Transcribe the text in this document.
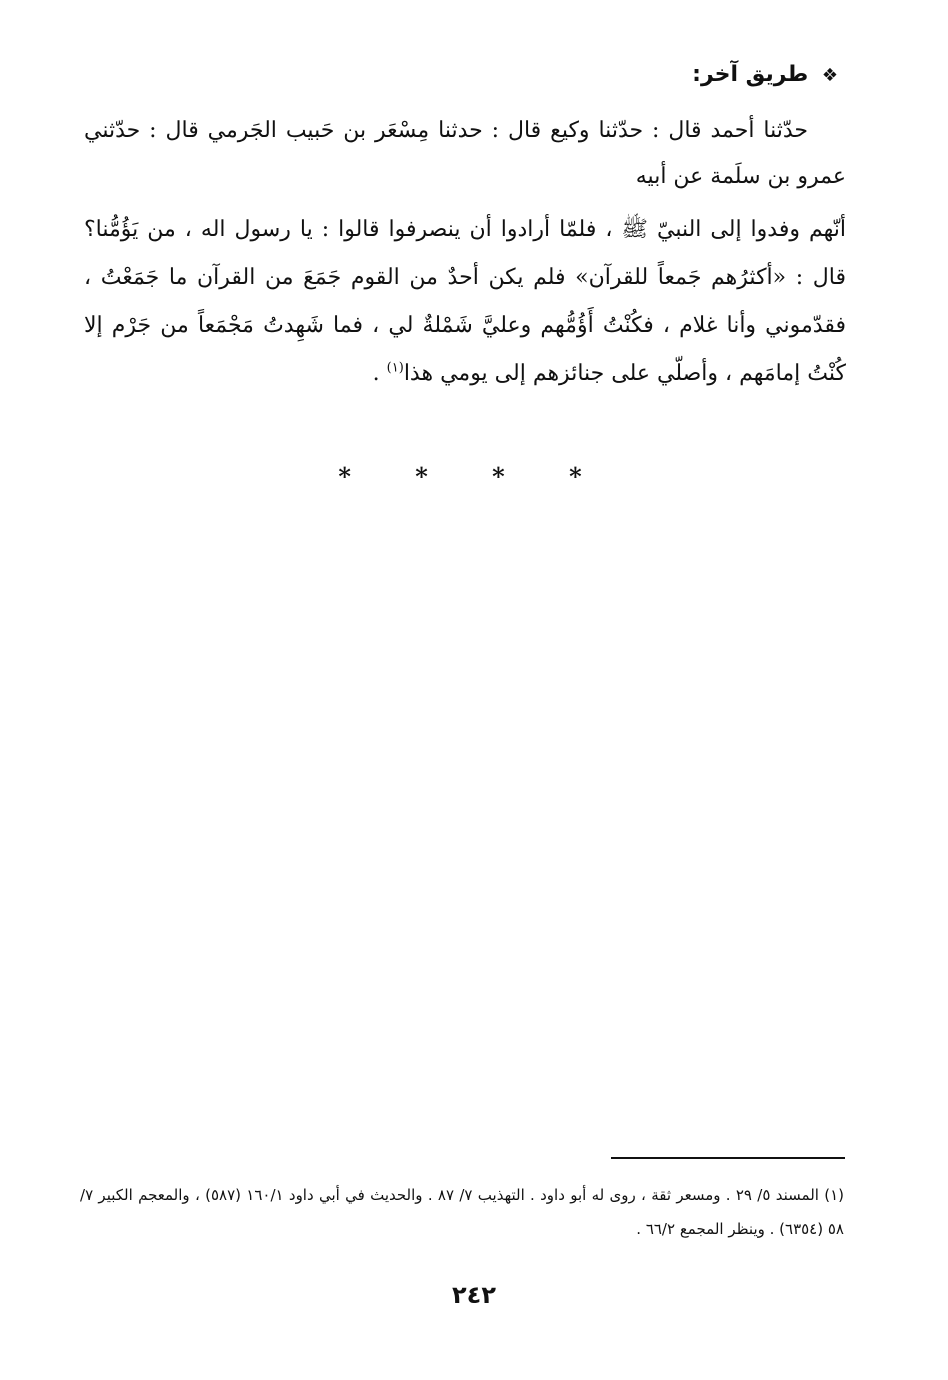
❖ طريق آخر:

حدّثنا أحمد قال : حدّثنا وكيع قال : حدثنا مِسْعَر بن حَبيب الجَرمي قال : حدّثني عمرو بن سلَمة عن أبيه

أنّهم وفدوا إلى النبيّ ﷺ ، فلمّا أرادوا أن ينصرفوا قالوا : يا رسول اله ، من يَؤُمُّنا؟ قال : «أكثرُهم جَمعاً للقرآن» فلم يكن أحدٌ من القوم جَمَعَ من القرآن ما جَمَعْتُ ، فقدّموني وأنا غلام ، فكُنْتُ أَؤُمُّهم وعليَّ شَمْلةٌ لي ، فما شَهِدتُ مَجْمَعاً من جَرْم إلا كُنْتُ إمامَهم ، وأصلّي على جنائزهم إلى يومي هذا$^{(١)}$ .

* * * *

(١) المسند ٥/ ٢٩ . ومسعر ثقة ، روى له أبو داود . التهذيب ٧/ ٨٧ . والحديث في أبي داود ١٦٠/١ (٥٨٧) ، والمعجم الكبير ٧/ ٥٨ (٦٣٥٤) . وينظر المجمع ٦٦/٢ .

٢٤٢
